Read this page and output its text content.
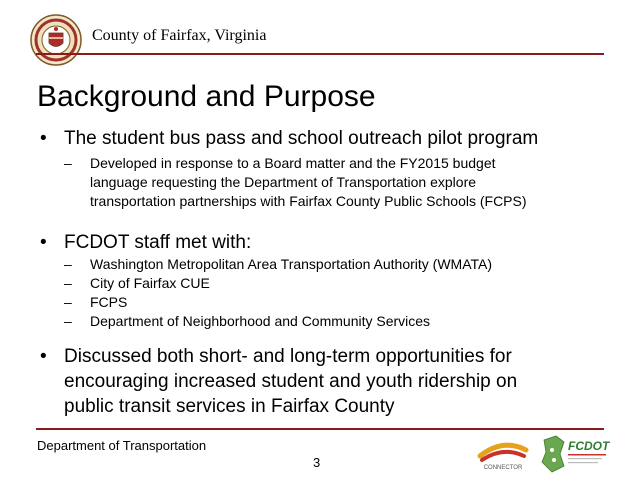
County of Fairfax, Virginia
Background and Purpose
• The student bus pass and school outreach pilot program
– Developed in response to a Board matter and the FY2015 budget
language requesting the Department of Transportation explore
transportation partnerships with Fairfax County Public Schools (FCPS)
• FCDOT staff met with:
– Washington Metropolitan Area Transportation Authority (WMATA)
– City of Fairfax CUE
– FCPS
– Department of Neighborhood and Community Services
• Discussed both short- and long-term opportunities for
encouraging increased student and youth ridership on
public transit services in Fairfax County
Department of Transportation
3	CONNECTOR
FCDOT
